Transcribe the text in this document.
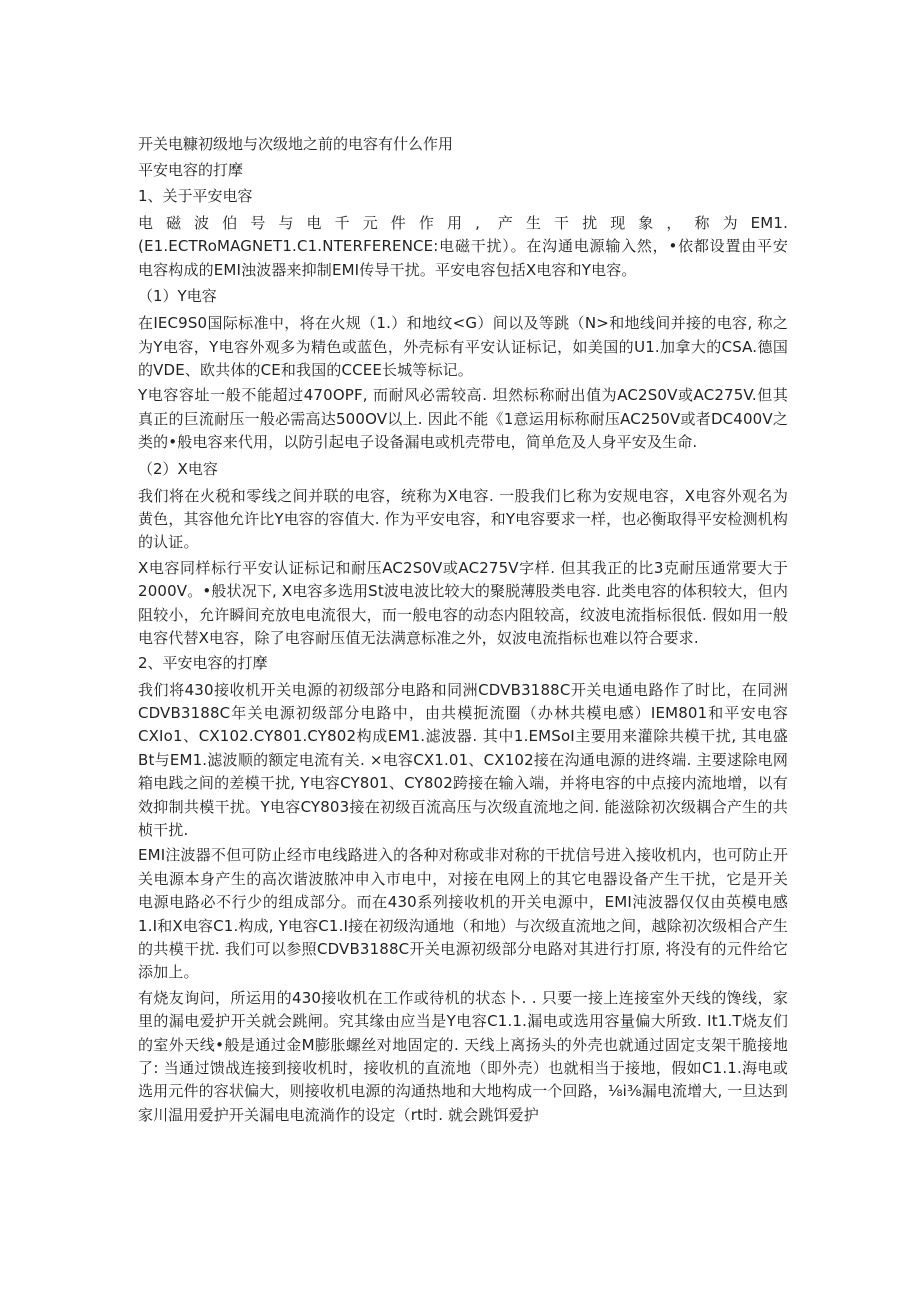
开关电糠初级地与次级地之前的电容有什么作用
平安电容的打摩
1、关于平安电容

电磁波伯号与电千元件作用, 产生干扰现象，称为EM1.(E1.ECTRoMAGNET1.C1.NTERFERENCE:电磁干扰）。在沟通电源输入然，•依都设置由平安电容构成的EMI浊波器来抑制EMI传导干扰。平安电容包括X电容和Y电容。

（1）Y电容

在IEC9S0国际标准中，将在火规（1.）和地纹<G）间以及等跳（N>和地线间并接的电容, 称之为Y电容，Y电容外观多为精色或蓝色，外壳标有平安认证标记，如美国的U1.加拿大的CSA.德国的VDE、欧共体的CE和我国的CCEE长城等标记。

Y电容容址一般不能超过470OPF, 而耐风必需较高. 坦然标称耐出值为AC2S0V或AC275V.但其真正的巨流耐压一般必需高达500OV以上. 因此不能《1意运用标称耐压AC250V或者DC400V之类的•般电容来代用，以防引起电子设备漏电或机壳带电，简单危及人身平安及生命.

（2）X电容

我们将在火税和零线之间并联的电容，统称为X电容. 一股我们匕称为安规电容，X电容外观名为黄色，其容他允许比Y电容的容值大. 作为平安电容，和Y电容要求一样，也必衡取得平安检测机构的认证。

X电容同样标行平安认证标记和耐压AC2S0V或AC275V字样. 但其我正的比3克耐压通常要大于2000V。•般状况下, X电容多选用St波电波比较大的聚脱薄股类电容. 此类电容的体积较大，但内阻较小，允许瞬间充放电电流很大，而一般电容的动态内阻较高，纹波电流指标很低. 假如用一般电容代替X电容，除了电容耐压值无法满意标准之外，奴波电流指标也难以符合要求.

2、平安电容的打摩

我们将430接收机开关电源的初级部分电路和同洲CDVB3188C开关电通电路作了时比，在同洲CDVB3188C年关电源初级部分电路中，由共模扼流圈（办林共模电感）IEM801和平安电容CXIo1、CX102.CY801.CY802构成EM1.滤波器. 其中1.EMSoI主要用来灌除共模干扰, 其电盛Bt与EM1.滤波顺的额定电流有关. ×电容CX1.01、CX102接在沟通电源的进终端. 主要逑除电网箱电践之间的差模干扰, Y电容CY801、CY802跨接在输入端，并将电容的中点接内流地增，以有效抑制共模干扰。Y电容CY803接在初级百流高压与次级直流地之间. 能滋除初次级耦合产生的共桢干扰.

EMI注波器不但可防止经市电线路进入的各种对称或非对称的干扰信号进入接收机内，也可防止开关电源本身产生的高次谐波脓冲申入市电中，对接在电网上的其它电器设备产生干扰，它是开关电源电路必不行少的组成部分。而在430系列接收机的开关电源中，EMI沌波器仅仅由英模电感1.I和X电容C1.构成, Y电容C1.I接在初级沟通地（和地）与次级直流地之间，越除初次级相合产生的共模干扰. 我们可以参照CDVB3188C开关电源初级部分电路对其进行打原, 将没有的元件给它添加上。

有烧友询问，所运用的430接收机在工作或待机的状态卜. . 只要一接上连接室外天线的馋线，家里的漏电爱护开关就会跳闸。究其缘由应当是Y电容C1.1.漏电或选用容量偏大所致. It1.T烧友们的室外天线•般是通过金M膨胀螺丝对地固定的. 天线上离扬头的外壳也就通过固定支架干脆接地了: 当通过馈战连接到接收机时，接收机的直流地（即外壳）也就相当于接地，假如C1.1.海电或选用元件的容状偏大，则接收机电源的沟通热地和大地构成一个回路，⅛i⅜漏电流增大, 一旦达到家川温用爱护开关漏电电流淌作的设定（rt时. 就会跳饵爱护
